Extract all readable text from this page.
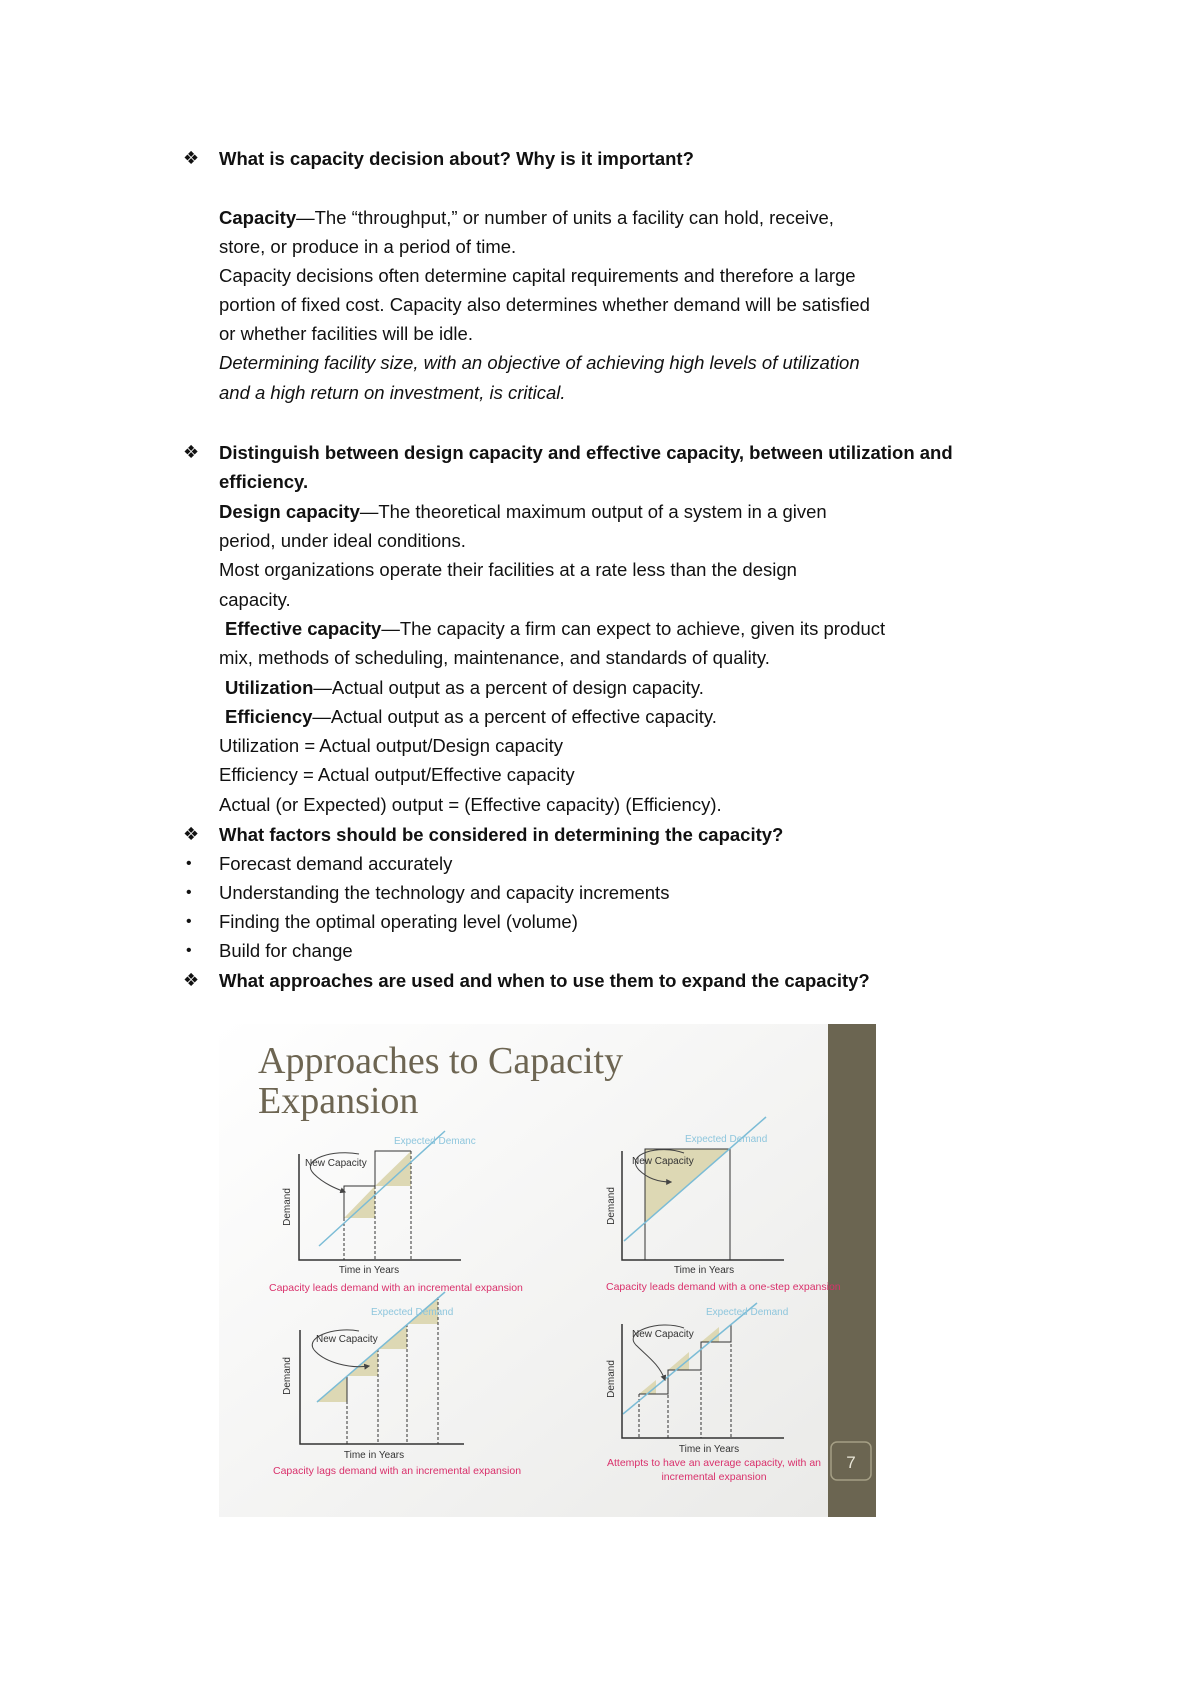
❖ What is capacity decision about? Why is it important?
Capacity—The “throughput,” or number of units a facility can hold, receive,
store, or produce in a period of time.
Capacity decisions often determine capital requirements and therefore a large
portion of fixed cost. Capacity also determines whether demand will be satisfied
or whether facilities will be idle.
Determining facility size, with an objective of achieving high levels of utilization
and a high return on investment, is critical.
❖ Distinguish between design capacity and effective capacity, between utilization and
efficiency.
Design capacity—The theoretical maximum output of a system in a given
period, under ideal conditions.
Most organizations operate their facilities at a rate less than the design
capacity.
Effective capacity—The capacity a firm can expect to achieve, given its product
mix, methods of scheduling, maintenance, and standards of quality.
Utilization—Actual output as a percent of design capacity.
Efficiency—Actual output as a percent of effective capacity.
Utilization = Actual output/Design capacity
Efficiency = Actual output/Effective capacity
Actual (or Expected) output = (Effective capacity) (Efficiency).
❖ What factors should be considered in determining the capacity?
• Forecast demand accurately
• Understanding the technology and capacity increments
• Finding the optimal operating level (volume)
• Build for change
❖ What approaches are used and when to use them to expand the capacity?
7
Approaches to Capacity
Expansion
New Capacity
Expected Demanc
Time in Years
Demand
Capacity leads demand with an incremental expansion
New Capacity
Expected Demand
Time in Years
Demand
Capacity leads demand with a one-step expansion
New Capacity
Expected Demand
Time in Years
Demand
Capacity lags demand with an incremental expansion
New Capacity
Expected Demand
Time in Years
Demand
Attempts to have an average capacity, with an
incremental expansion
